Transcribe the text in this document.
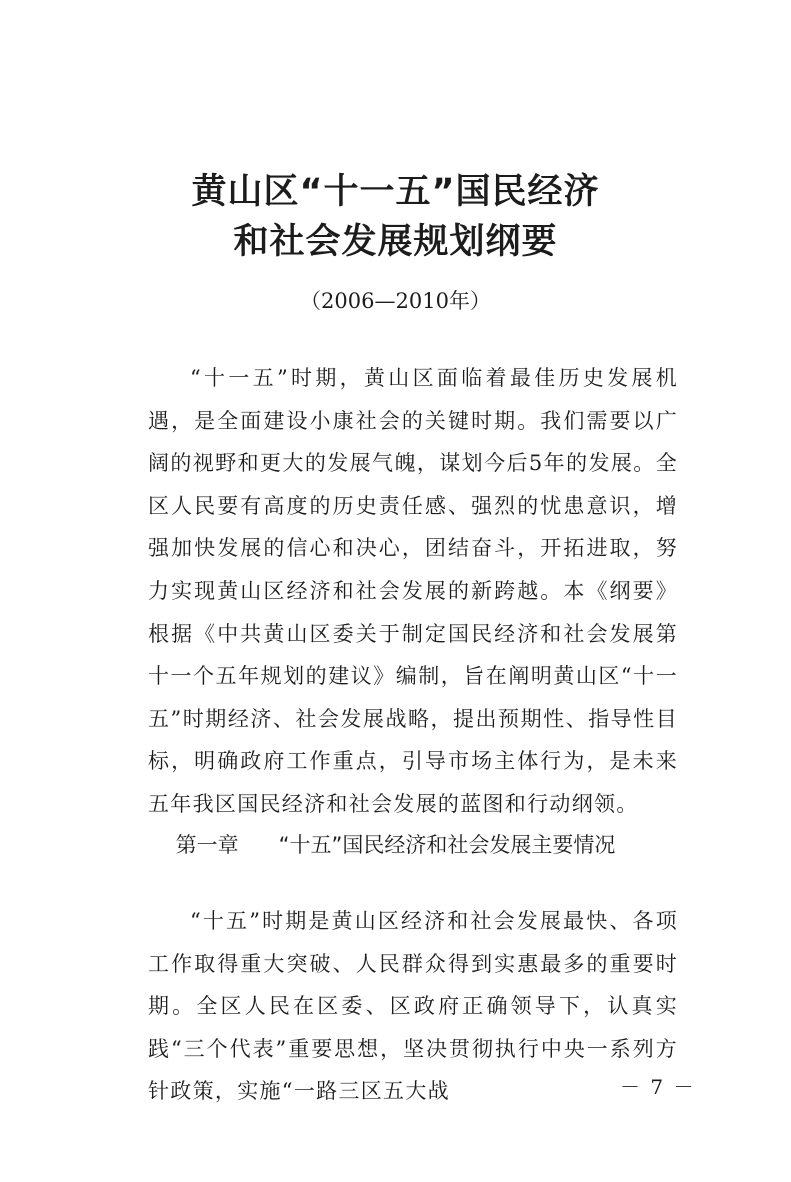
黄山区“十一五”国民经济
和社会发展规划纲要
（2006—2010年）

“十一五”时期，黄山区面临着最佳历史发展机遇，是全面建设小康社会的关键时期。我们需要以广阔的视野和更大的发展气魄，谋划今后5年的发展。全区人民要有高度的历史责任感、强烈的忧患意识，增强加快发展的信心和决心，团结奋斗，开拓进取，努力实现黄山区经济和社会发展的新跨越。本《纲要》根据《中共黄山区委关于制定国民经济和社会发展第十一个五年规划的建议》编制，旨在阐明黄山区“十一五”时期经济、社会发展战略，提出预期性、指导性目标，明确政府工作重点，引导市场主体行为，是未来五年我区国民经济和社会发展的蓝图和行动纲领。

第一章 “十五”国民经济和社会发展主要情况

“十五”时期是黄山区经济和社会发展最快、各项工作取得重大突破、人民群众得到实惠最多的重要时期。全区人民在区委、区政府正确领导下，认真实践“三个代表”重要思想，坚决贯彻执行中央一系列方针政策，实施“一路三区五大战	－ 7 －
